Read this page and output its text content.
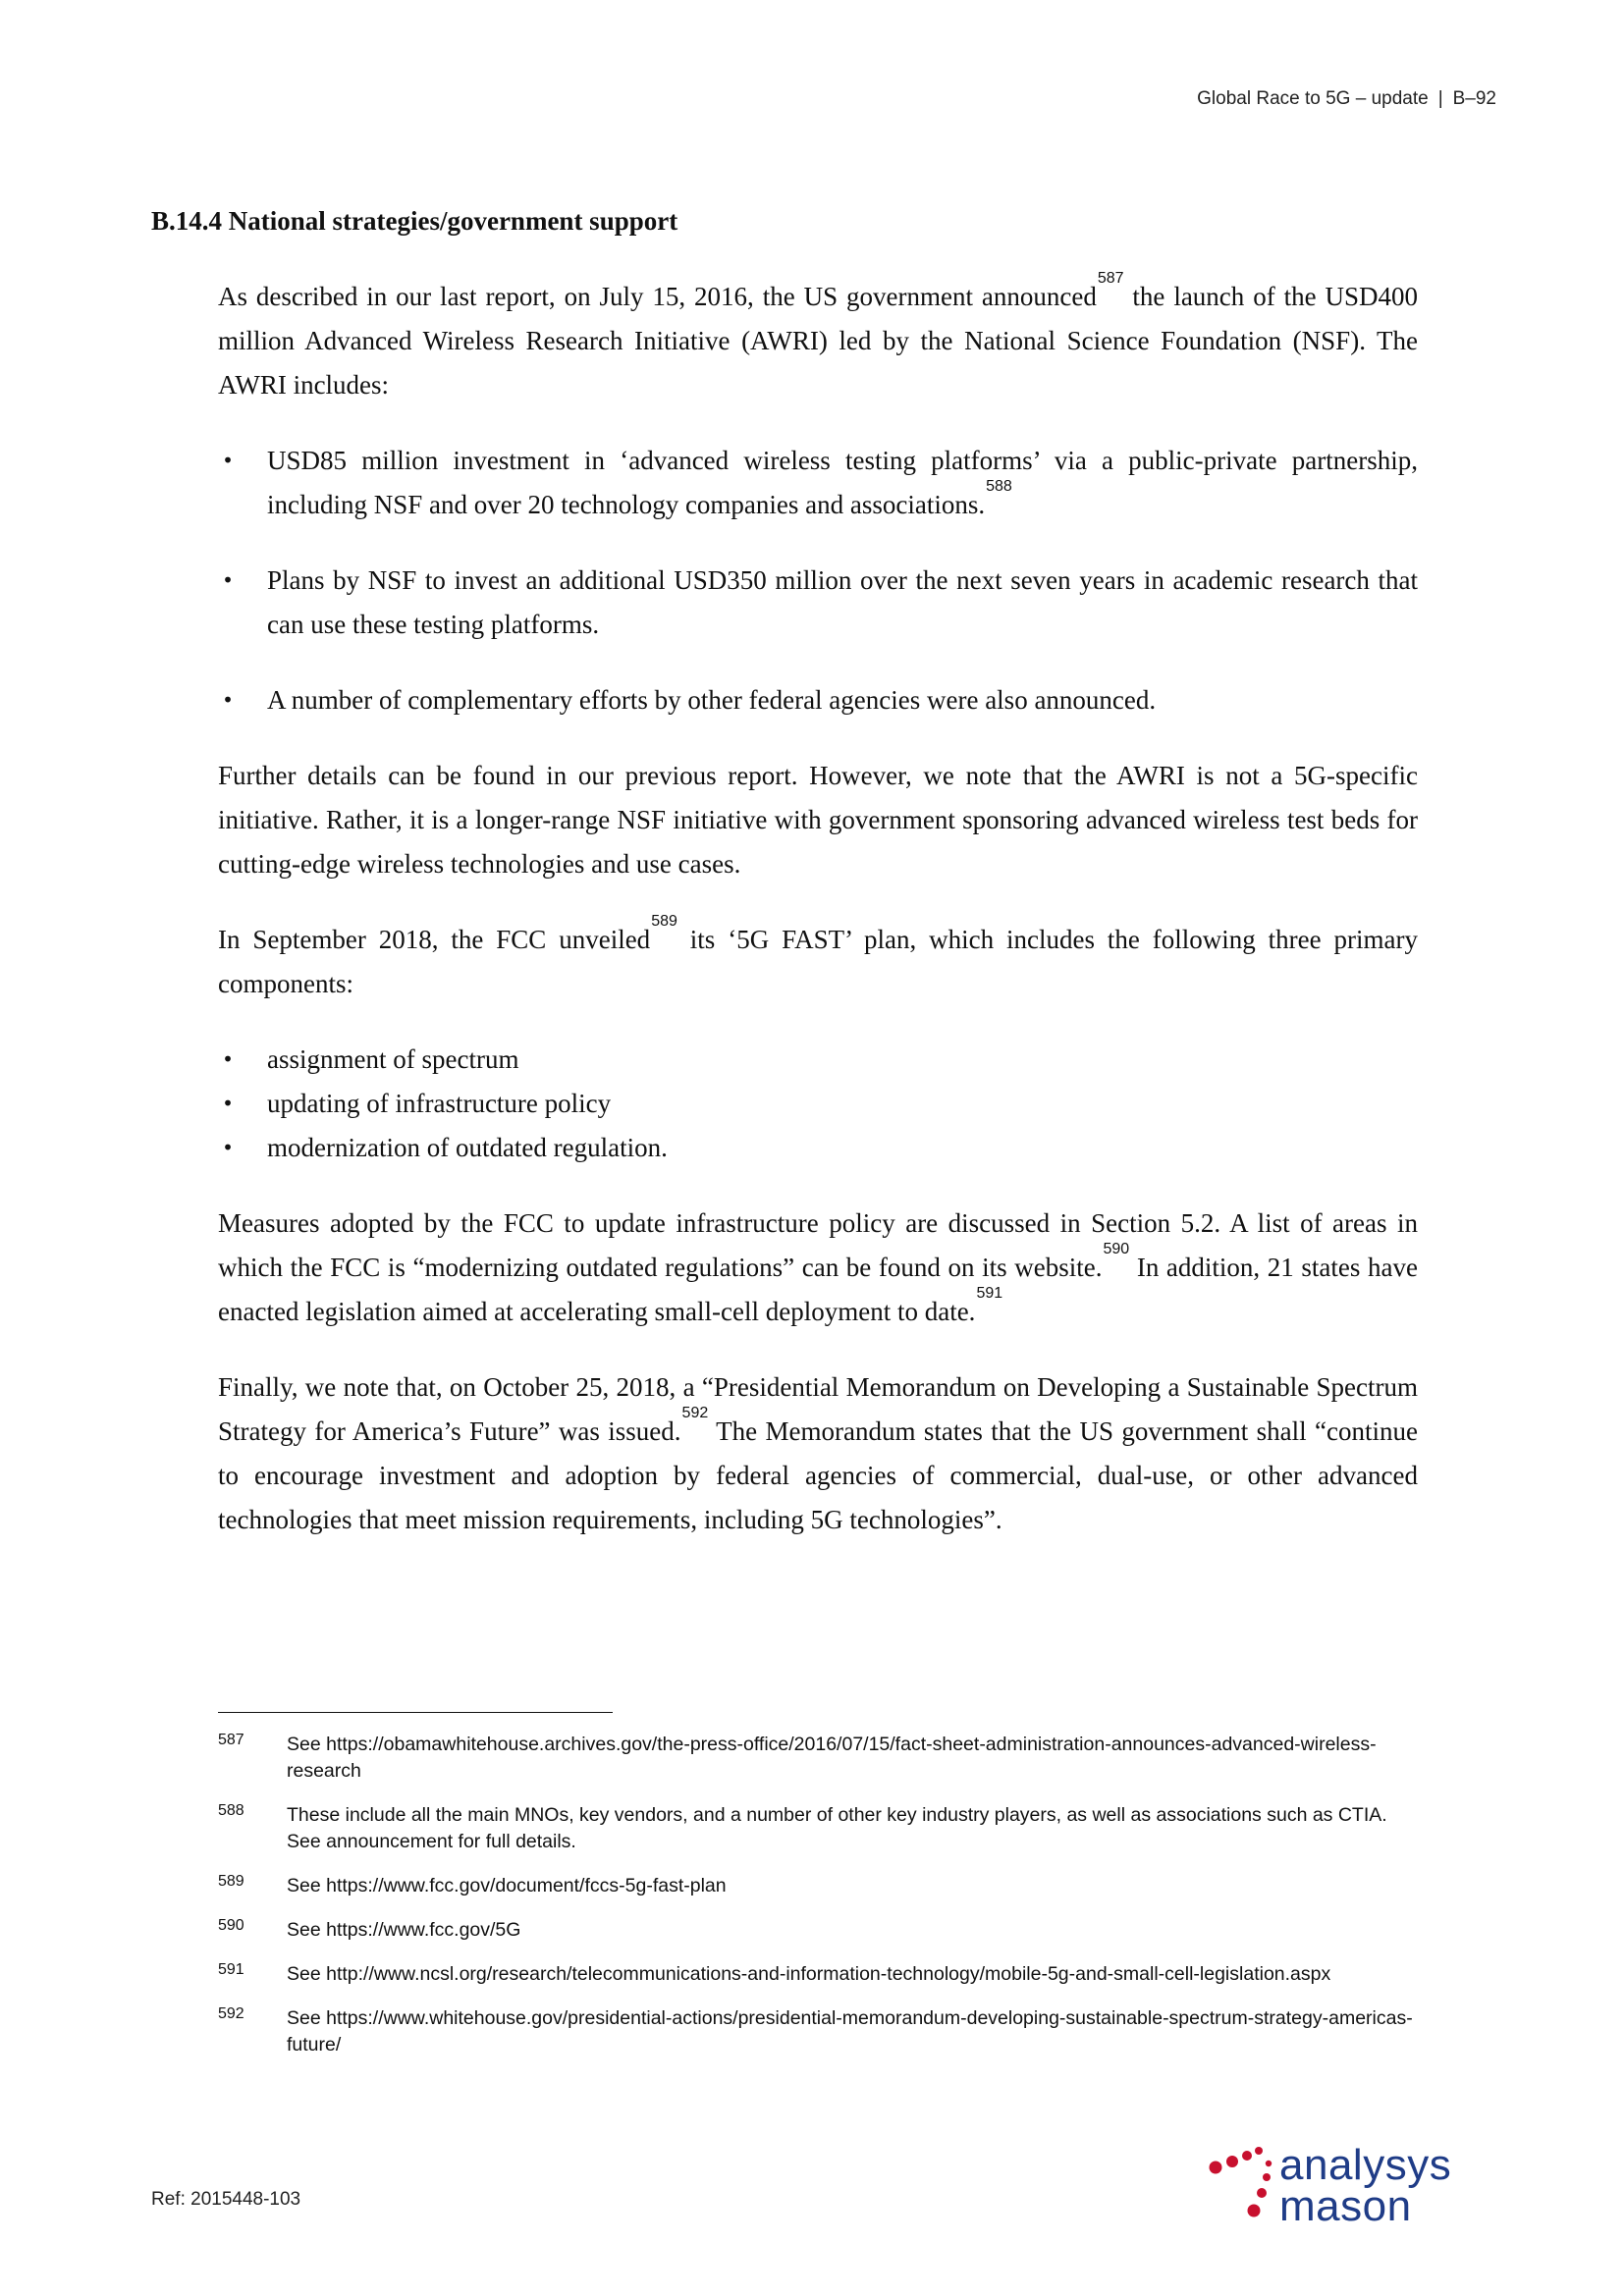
Global Race to 5G – update | B–92
B.14.4 National strategies/government support

As described in our last report, on July 15, 2016, the US government announced$^{587}$ the launch of the USD400 million Advanced Wireless Research Initiative (AWRI) led by the National Science Foundation (NSF). The AWRI includes:

• USD85 million investment in ‘advanced wireless testing platforms’ via a public-private partnership, including NSF and over 20 technology companies and associations.$^{588}$
• Plans by NSF to invest an additional USD350 million over the next seven years in academic research that can use these testing platforms.
• A number of complementary efforts by other federal agencies were also announced.

Further details can be found in our previous report. However, we note that the AWRI is not a 5G-specific initiative. Rather, it is a longer-range NSF initiative with government sponsoring advanced wireless test beds for cutting-edge wireless technologies and use cases.

In September 2018, the FCC unveiled$^{589}$ its ‘5G FAST’ plan, which includes the following three primary components:

• assignment of spectrum
• updating of infrastructure policy
• modernization of outdated regulation.

Measures adopted by the FCC to update infrastructure policy are discussed in Section 5.2. A list of areas in which the FCC is “modernizing outdated regulations” can be found on its website.$^{590}$ In addition, 21 states have enacted legislation aimed at accelerating small-cell deployment to date.$^{591}$

Finally, we note that, on October 25, 2018, a “Presidential Memorandum on Developing a Sustainable Spectrum Strategy for America’s Future” was issued.$^{592}$ The Memorandum states that the US government shall “continue to encourage investment and adoption by federal agencies of commercial, dual-use, or other advanced technologies that meet mission requirements, including 5G technologies”.

587 See https://obamawhitehouse.archives.gov/the-press-office/2016/07/15/fact-sheet-administration-announces-advanced-wireless-research
588 These include all the main MNOs, key vendors, and a number of other key industry players, as well as associations such as CTIA. See announcement for full details.
589 See https://www.fcc.gov/document/fccs-5g-fast-plan
590 See https://www.fcc.gov/5G
591 See http://www.ncsl.org/research/telecommunications-and-information-technology/mobile-5g-and-small-cell-legislation.aspx
592 See https://www.whitehouse.gov/presidential-actions/presidential-memorandum-developing-sustainable-spectrum-strategy-americas-future/
Ref: 2015448-103
analysys
mason
